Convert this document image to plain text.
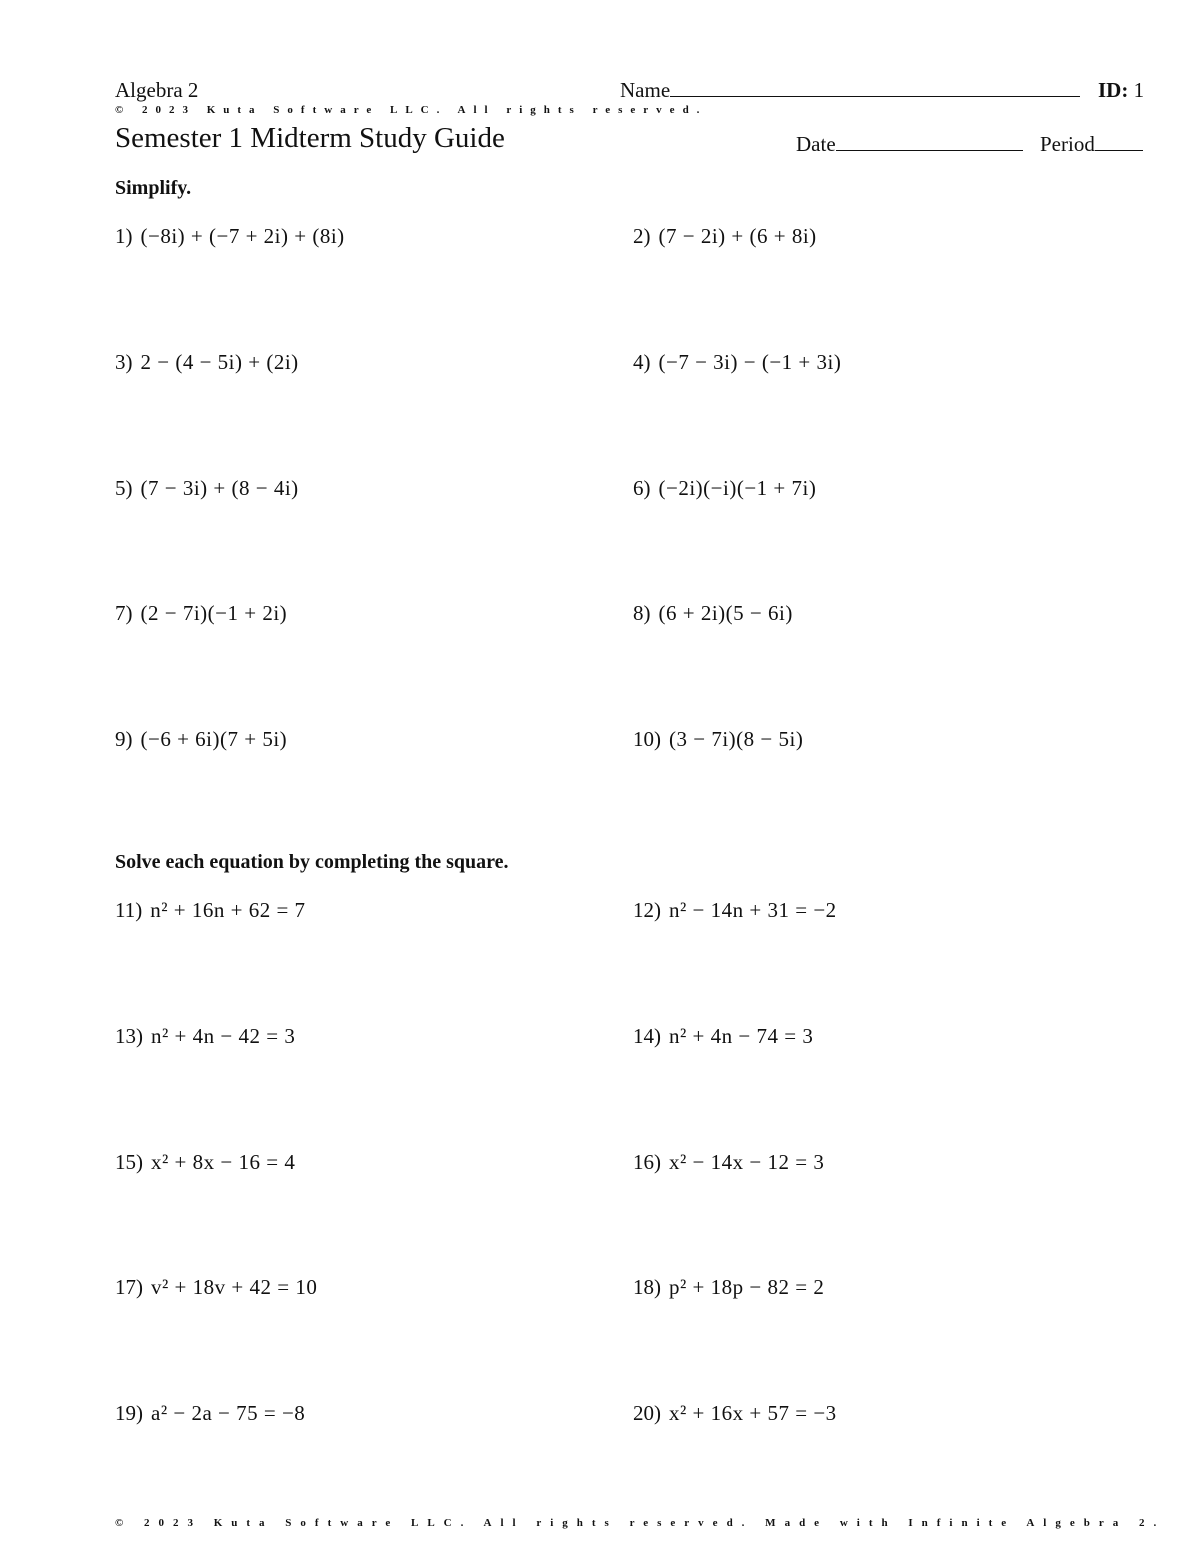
Algebra 2	Name	ID: 1
© 2023 Kuta Software LLC. All rights reserved.
Semester 1 Midterm Study Guide	Date	Period
Simplify.
1) (−8i) + (−7 + 2i) + (8i)	2) (7 − 2i) + (6 + 8i)
3) 2 − (4 − 5i) + (2i)	4) (−7 − 3i) − (−1 + 3i)
5) (7 − 3i) + (8 − 4i)	6) (−2i)(−i)(−1 + 7i)
7) (2 − 7i)(−1 + 2i)	8) (6 + 2i)(5 − 6i)
9) (−6 + 6i)(7 + 5i)	10) (3 − 7i)(8 − 5i)
Solve each equation by completing the square.
11) n² + 16n + 62 = 7	12) n² − 14n + 31 = −2
13) n² + 4n − 42 = 3	14) n² + 4n − 74 = 3
15) x² + 8x − 16 = 4	16) x² − 14x − 12 = 3
17) v² + 18v + 42 = 10	18) p² + 18p − 82 = 2
19) a² − 2a − 75 = −8	20) x² + 16x + 57 = −3
© 2023 Kuta Software LLC. All rights reserved. Made with Infinite Algebra 2.
